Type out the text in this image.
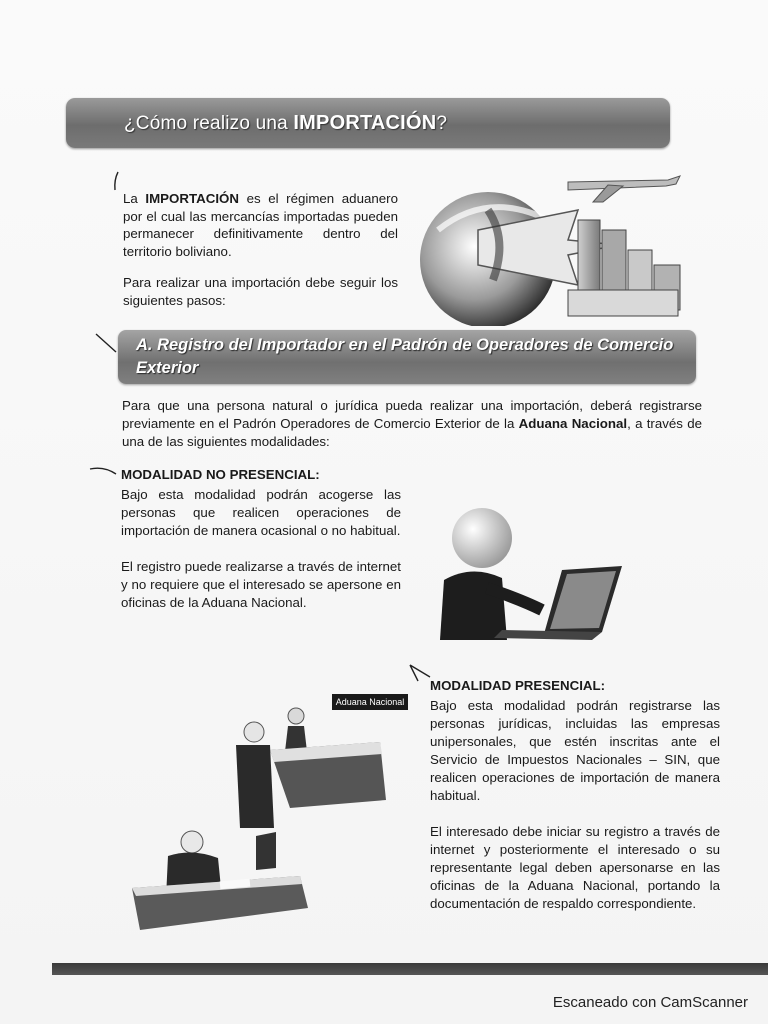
¿Cómo realizo una IMPORTACIÓN?

La IMPORTACIÓN es el régimen aduanero por el cual las mercancías importadas pueden permanecer definitivamente dentro del territorio boliviano.

Para realizar una importación debe seguir los siguientes pasos:

A. Registro del Importador en el Padrón de Operadores de Comercio Exterior

Para que una persona natural o jurídica pueda realizar una importación, deberá registrarse previamente en el Padrón Operadores de Comercio Exterior de la Aduana Nacional, a través de una de las siguientes modalidades:

MODALIDAD NO PRESENCIAL:

Bajo esta modalidad podrán acogerse las personas que realicen operaciones de importación de manera ocasional o no habitual.

El registro puede realizarse a través de internet y no requiere que el interesado se apersone en oficinas de la Aduana Nacional.

MODALIDAD PRESENCIAL:

Bajo esta modalidad podrán registrarse las personas jurídicas, incluidas las empresas unipersonales, que estén inscritas ante el Servicio de Impuestos Nacionales – SIN, que realicen operaciones de importación de manera habitual.

El interesado debe iniciar su registro a través de internet y posteriormente el interesado o su representante legal deben apersonarse en las oficinas de la Aduana Nacional, portando la documentación de respaldo correspondiente.

Aduana Nacional
Escaneado con CamScanner
